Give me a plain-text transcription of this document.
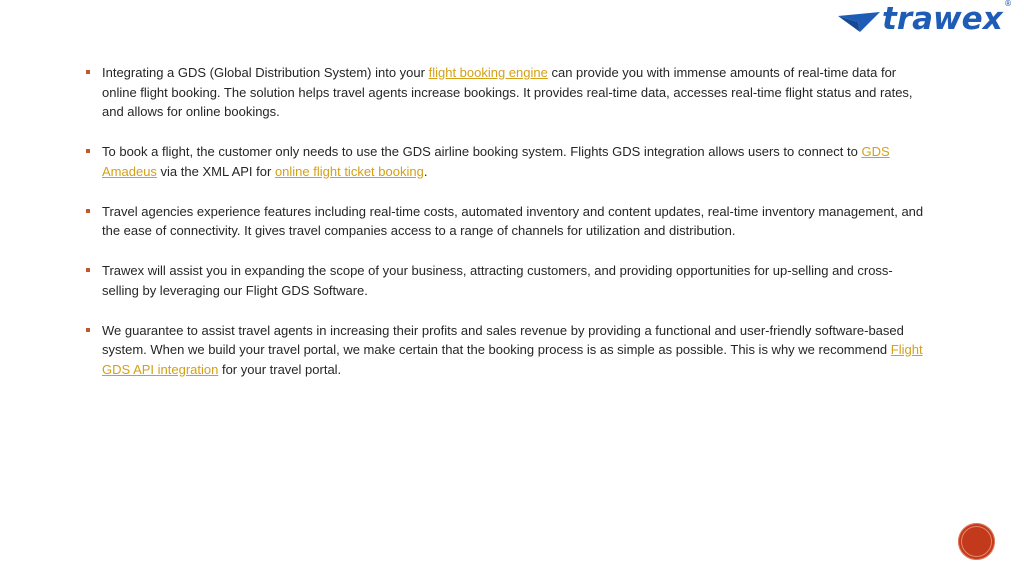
trawex ®

Integrating a GDS (Global Distribution System) into your flight booking engine can provide you with immense amounts of real-time data for online flight booking. The solution helps travel agents increase bookings. It provides real-time data, accesses real-time flight status and rates, and allows for online bookings.

To book a flight, the customer only needs to use the GDS airline booking system. Flights GDS integration allows users to connect to GDS Amadeus via the XML API for online flight ticket booking.

Travel agencies experience features including real-time costs, automated inventory and content updates, real-time inventory management, and the ease of connectivity. It gives travel companies access to a range of channels for utilization and distribution.

Trawex will assist you in expanding the scope of your business, attracting customers, and providing opportunities for up-selling and cross-selling by leveraging our Flight GDS Software.

We guarantee to assist travel agents in increasing their profits and sales revenue by providing a functional and user-friendly software-based system. When we build your travel portal, we make certain that the booking process is as simple as possible. This is why we recommend Flight GDS API integration for your travel portal.
